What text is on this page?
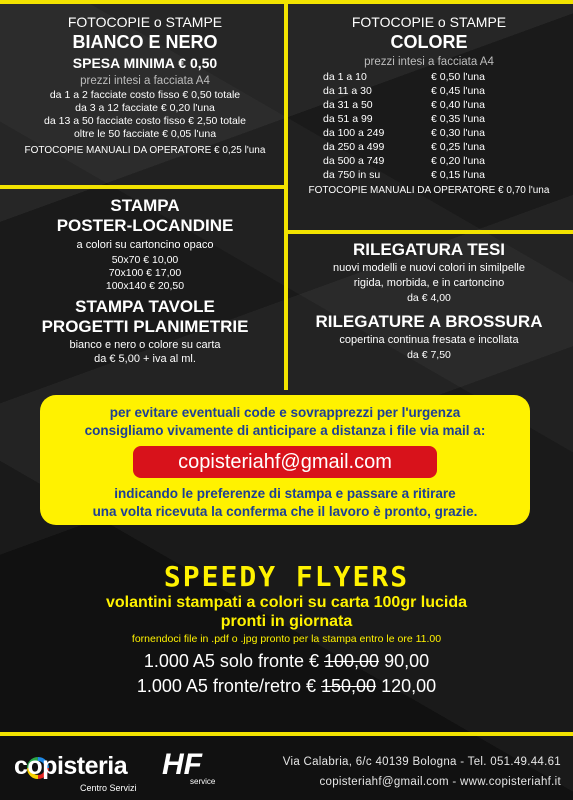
FOTOCOPIE o STAMPE
BIANCO E NERO
SPESA MINIMA € 0,50
prezzi intesi a facciata A4
da 1 a 2 facciate costo fisso € 0,50 totale
da 3 a 12 facciate € 0,20 l'una
da 13 a 50 facciate costo fisso € 2,50 totale
oltre le 50 facciate € 0,05 l'una
FOTOCOPIE MANUALI DA OPERATORE € 0,25 l'una
FOTOCOPIE o STAMPE
COLORE
prezzi intesi a facciata A4
da 1 a 10	€ 0,50 l'una
da 11 a 30	€ 0,45 l'una
da 31 a 50	€ 0,40 l'una
da 51 a 99	€ 0,35 l'una
da 100 a 249	€ 0,30 l'una
da 250 a 499	€ 0,25 l'una
da 500 a 749	€ 0,20 l'una
da 750 in su	€ 0,15 l'una
FOTOCOPIE MANUALI DA OPERATORE € 0,70 l'una
STAMPA
POSTER-LOCANDINE
a colori su cartoncino opaco
50x70 € 10,00
70x100 € 17,00
100x140 € 20,50
STAMPA TAVOLE
PROGETTI PLANIMETRIE
bianco e nero o colore su carta
da € 5,00 + iva al ml.
RILEGATURA TESI
nuovi modelli e nuovi colori in similpelle
rigida, morbida, e in cartoncino
da € 4,00
RILEGATURE A BROSSURA
copertina continua fresata e incollata
da € 7,50
per evitare eventuali code e sovrapprezzi per l'urgenza
consigliamo vivamente di anticipare a distanza i file via mail a:
copisteriahf@gmail.com
indicando le preferenze di stampa e passare a ritirare
una volta ricevuta la conferma che il lavoro è pronto, grazie.
SPEEDY FLYERS
volantini stampati a colori su carta 100gr lucida
pronti in giornata
fornendoci file in .pdf o .jpg pronto per la stampa entro le ore 11.00
1.000 A5 solo fronte € 100,00 90,00
1.000 A5 fronte/retro € 150,00 120,00
copisteria HF
Centro Servizi
service
Via Calabria, 6/c 40139 Bologna - Tel. 051.49.44.61
copisteriahf@gmail.com - www.copisteriahf.it
